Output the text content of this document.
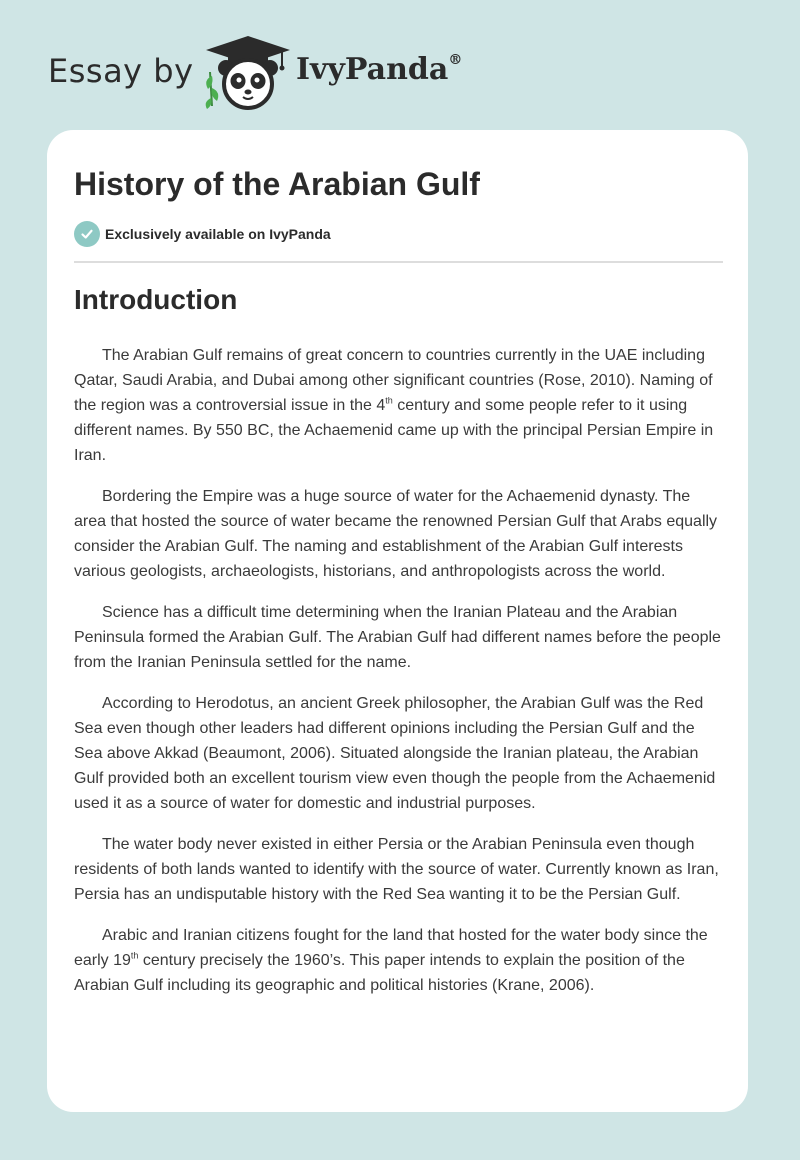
Essay by	IvyPanda®
History of the Arabian Gulf
Exclusively available on IvyPanda
Introduction

The Arabian Gulf remains of great concern to countries currently in the UAE including Qatar, Saudi Arabia, and Dubai among other significant countries (Rose, 2010). Naming of the region was a controversial issue in the 4th century and some people refer to it using different names. By 550 BC, the Achaemenid came up with the principal Persian Empire in Iran.

Bordering the Empire was a huge source of water for the Achaemenid dynasty. The area that hosted the source of water became the renowned Persian Gulf that Arabs equally consider the Arabian Gulf. The naming and establishment of the Arabian Gulf interests various geologists, archaeologists, historians, and anthropologists across the world.

Science has a difficult time determining when the Iranian Plateau and the Arabian Peninsula formed the Arabian Gulf. The Arabian Gulf had different names before the people from the Iranian Peninsula settled for the name.

According to Herodotus, an ancient Greek philosopher, the Arabian Gulf was the Red Sea even though other leaders had different opinions including the Persian Gulf and the Sea above Akkad (Beaumont, 2006). Situated alongside the Iranian plateau, the Arabian Gulf provided both an excellent tourism view even though the people from the Achaemenid used it as a source of water for domestic and industrial purposes.

The water body never existed in either Persia or the Arabian Peninsula even though residents of both lands wanted to identify with the source of water. Currently known as Iran, Persia has an undisputable history with the Red Sea wanting it to be the Persian Gulf.

Arabic and Iranian citizens fought for the land that hosted for the water body since the early 19th century precisely the 1960’s. This paper intends to explain the position of the Arabian Gulf including its geographic and political histories (Krane, 2006).
